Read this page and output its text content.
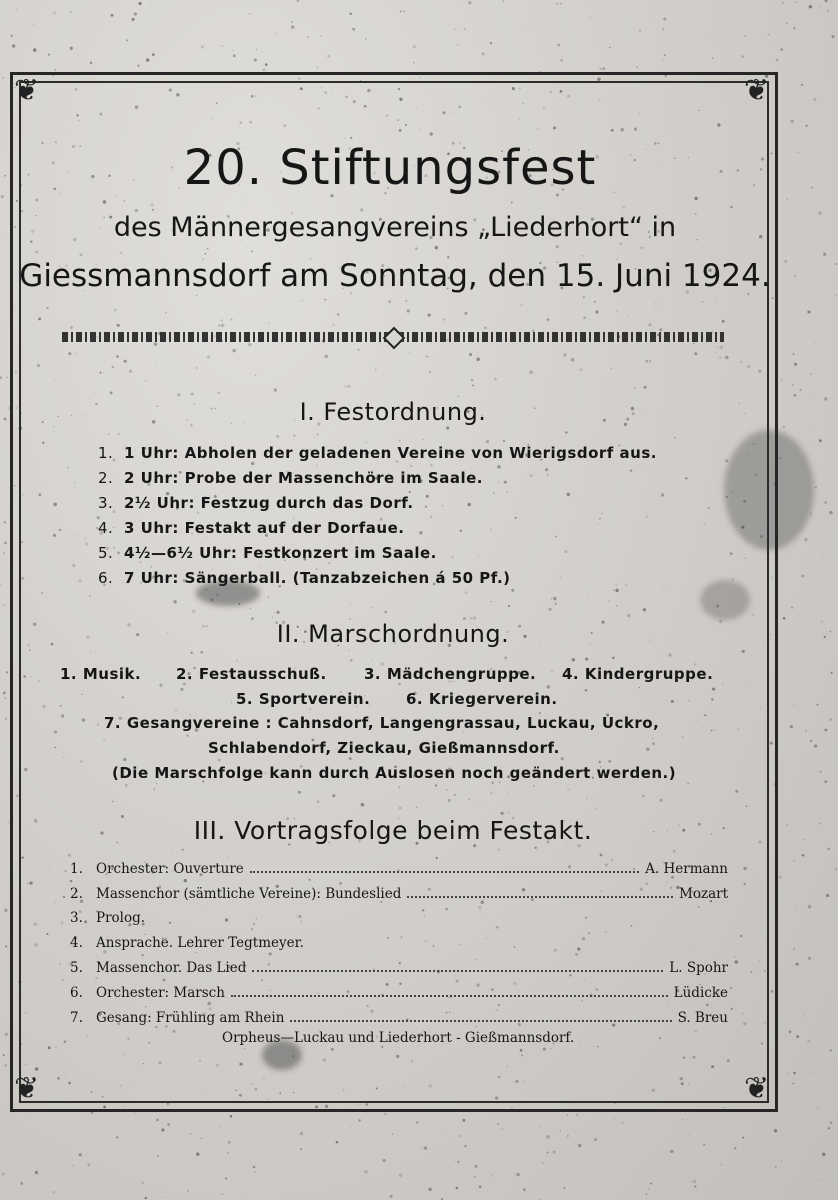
❦	❦
❦	❦
20. Stiftungsfest
des Männergesangvereins „Liederhort“ in
Giessmannsdorf am Sonntag, den 15. Juni 1924.
I. Festordnung.
1. 1 Uhr: Abholen der geladenen Vereine von Wierigsdorf aus.
2. 2 Uhr: Probe der Massenchöre im Saale.
3. 2½ Uhr: Festzug durch das Dorf.
4. 3 Uhr: Festakt auf der Dorfaue.
5. 4½—6½ Uhr: Festkonzert im Saale.
6. 7 Uhr: Sängerball. (Tanzabzeichen á 50 Pf.)
II. Marschordnung.
1. Musik. 2. Festausschuß. 3. Mädchengruppe. 4. Kindergruppe.
5. Sportverein. 6. Kriegerverein.
7. Gesangvereine : Cahnsdorf, Langengrassau, Luckau, Uckro,
Schlabendorf, Zieckau, Gießmannsdorf.
(Die Marschfolge kann durch Auslosen noch geändert werden.)
III. Vortragsfolge beim Festakt.
1. Orchester: Ouverture	A. Hermann
2. Massenchor (sämtliche Vereine): Bundeslied	Mozart
3. Prolog.
4. Ansprache. Lehrer Tegtmeyer.
5. Massenchor. Das Lied	L. Spohr
6. Orchester: Marsch	Lüdicke
7. Gesang: Frühling am Rhein	S. Breu
Orpheus—Luckau und Liederhort - Gießmannsdorf.
